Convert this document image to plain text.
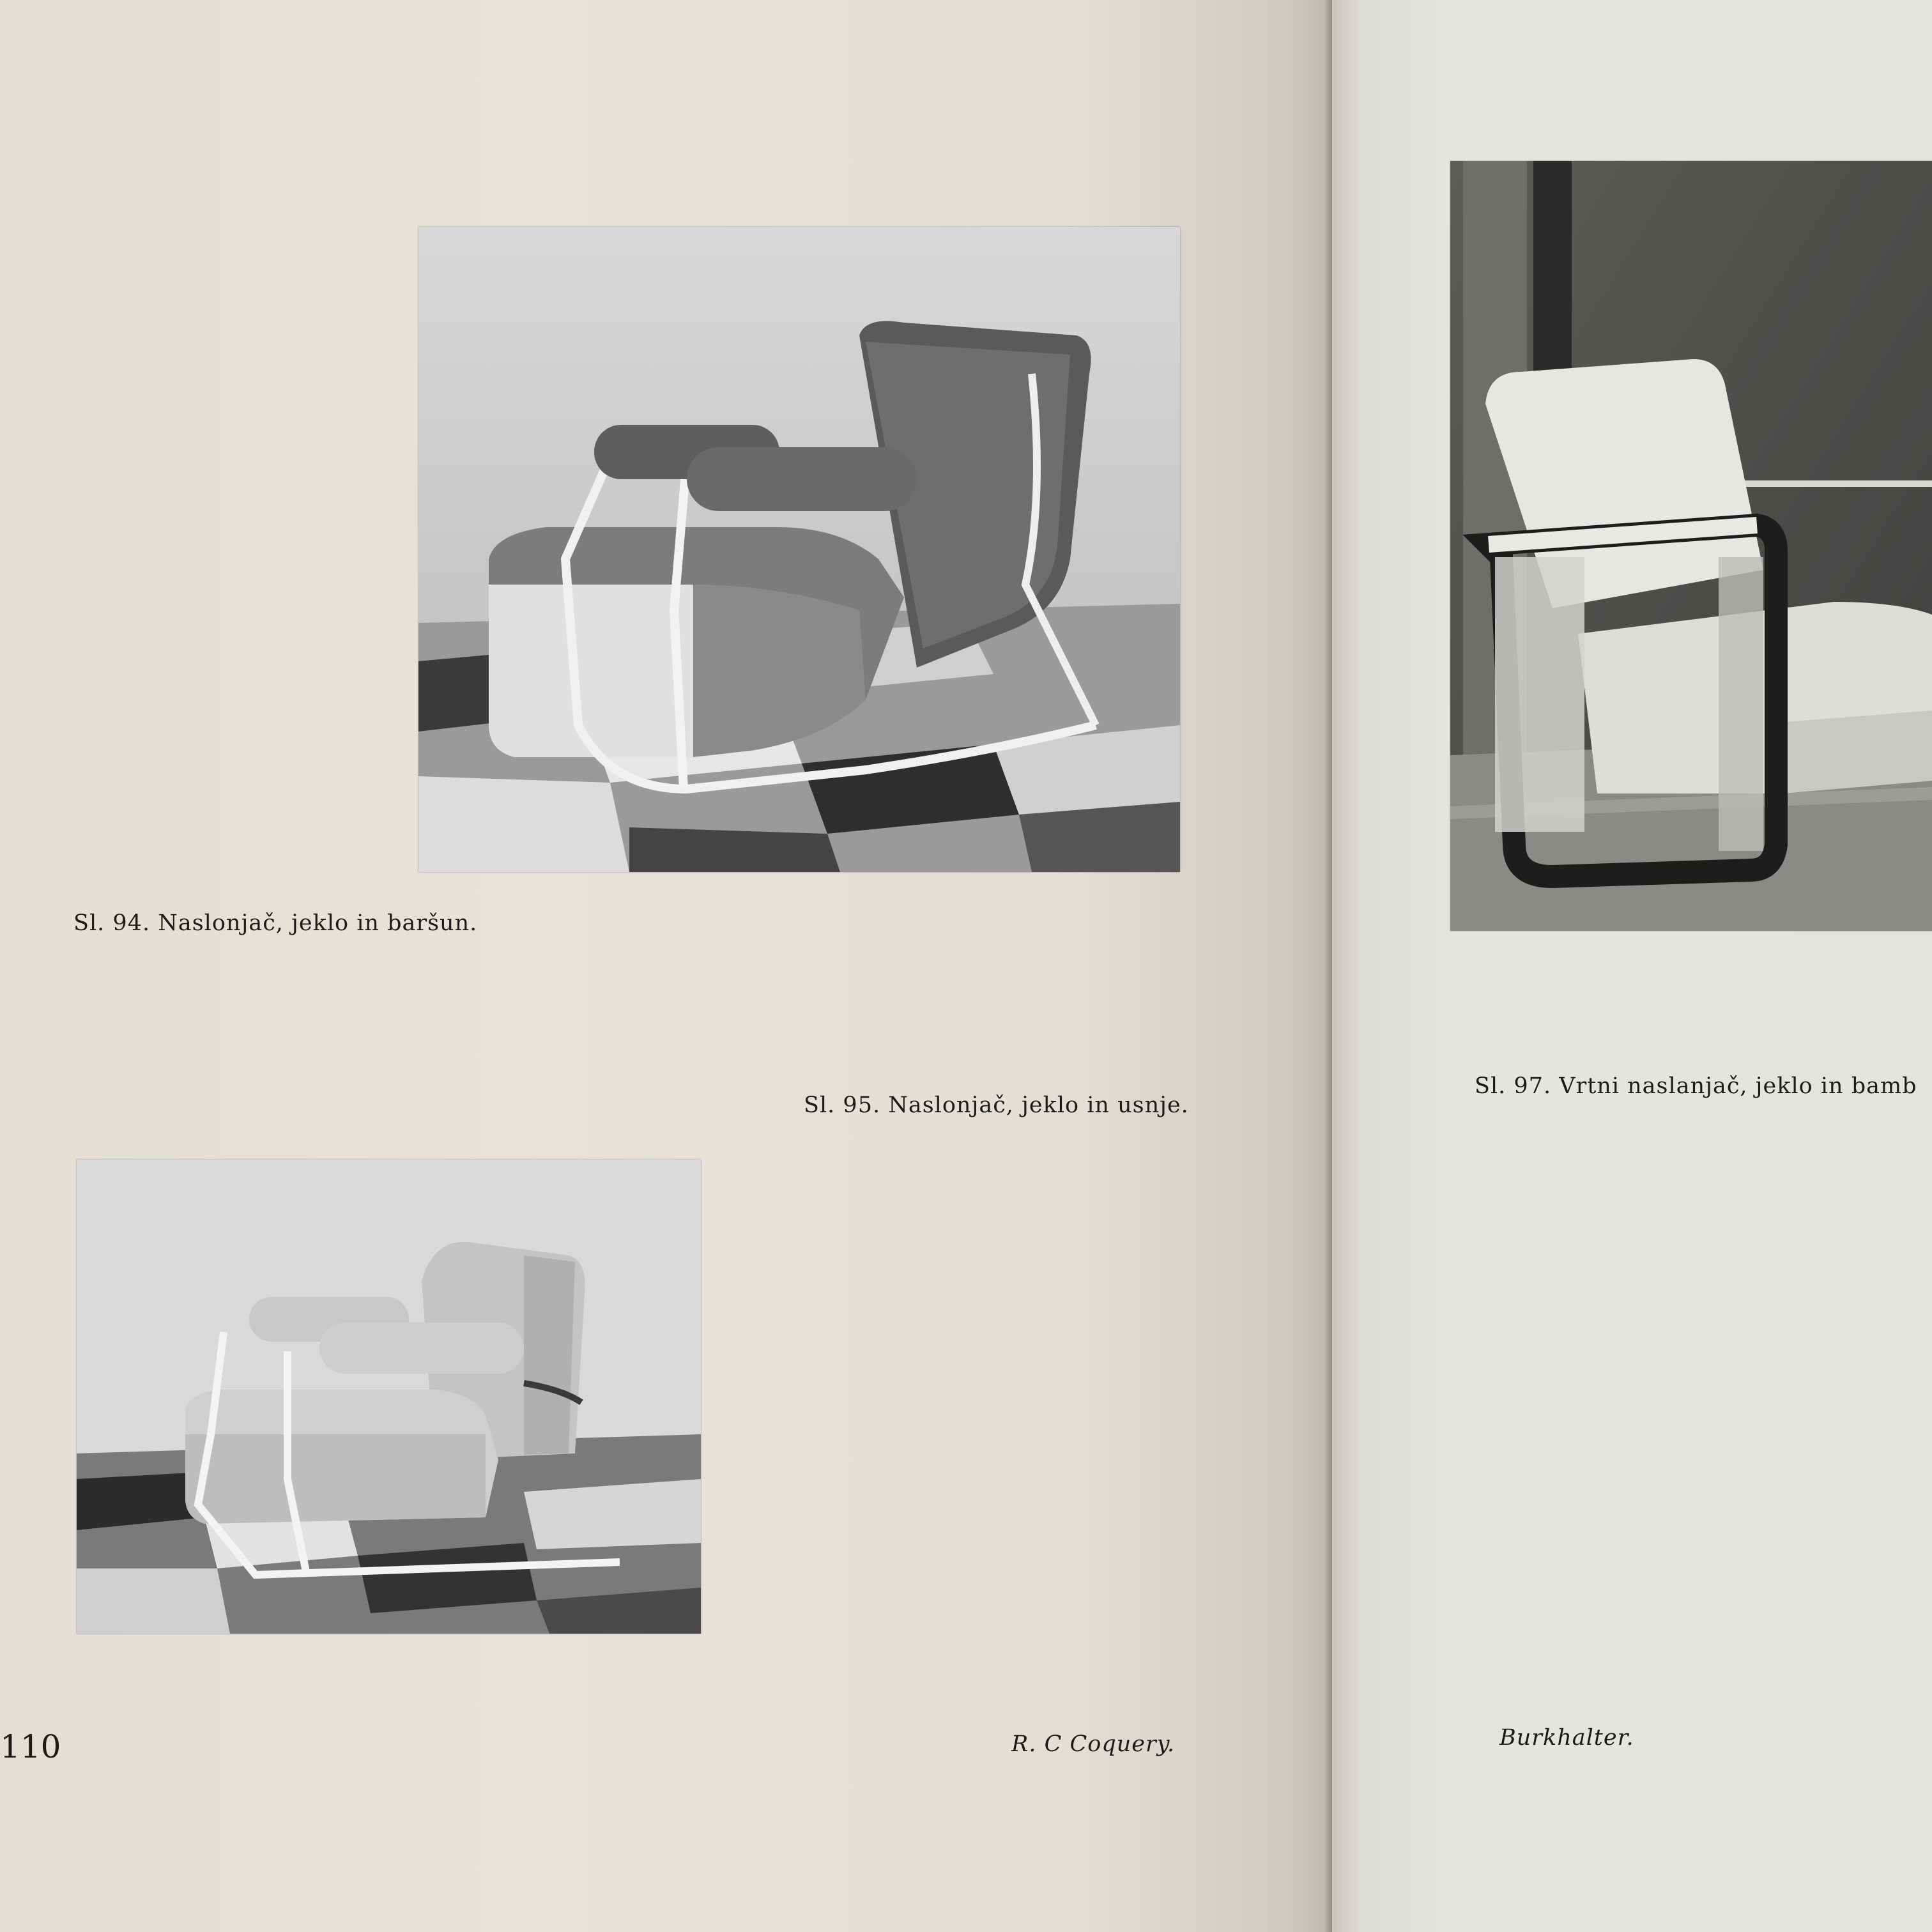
Sl. 94. Naslonjač, jeklo in baršun.
Sl. 95. Naslonjač, jeklo in usnje.
R. C Coquery.
Sl. 97. Vrtni naslanjač, jeklo in bamb
Burkhalter.
110
